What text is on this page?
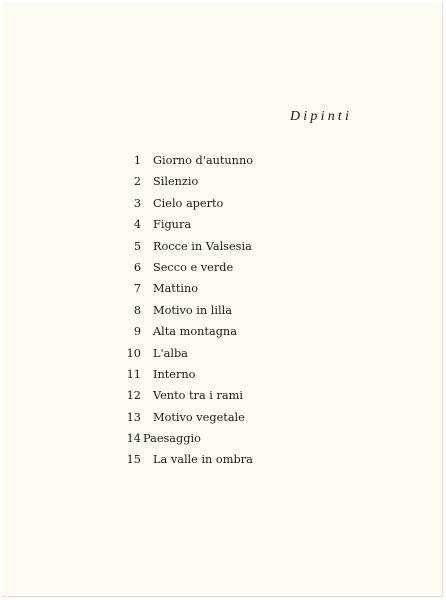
Dipinti
1 Giorno d'autunno
2 Silenzio
3 Cielo aperto
4 Figura
5 Rocce in Valsesia
6 Secco e verde
7 Mattino
8 Motivo in lilla
9 Alta montagna
10 L'alba
11 Interno
12 Vento tra i rami
13 Motivo vegetale
14 Paesaggio
15 La valle in ombra
